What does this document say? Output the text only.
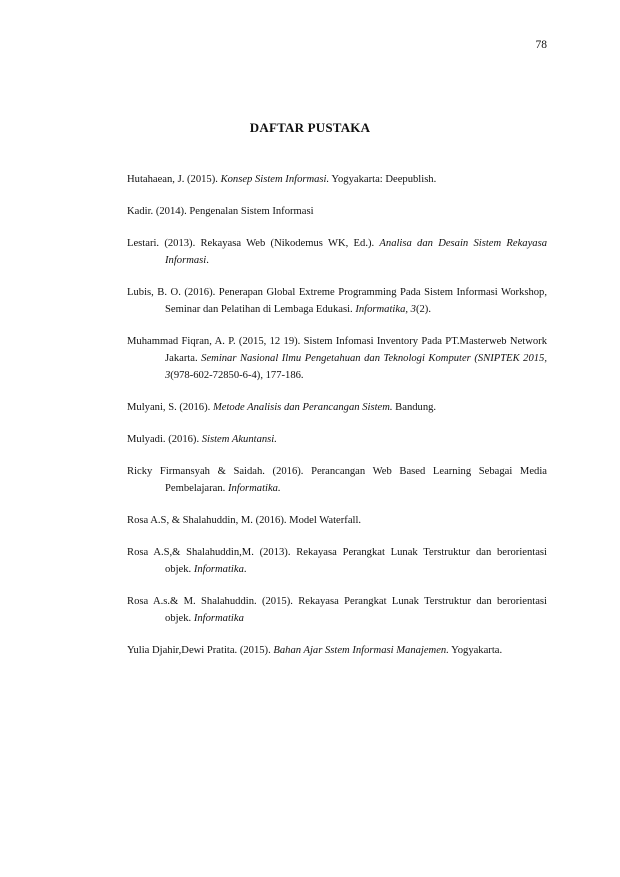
78
DAFTAR PUSTAKA

Hutahaean, J. (2015). Konsep Sistem Informasi. Yogyakarta: Deepublish.

Kadir. (2014). Pengenalan Sistem Informasi

Lestari. (2013). Rekayasa Web (Nikodemus WK, Ed.). Analisa dan Desain Sistem Rekayasa Informasi.

Lubis, B. O. (2016). Penerapan Global Extreme Programming Pada Sistem Informasi Workshop, Seminar dan Pelatihan di Lembaga Edukasi. Informatika, 3(2).

Muhammad Fiqran, A. P. (2015, 12 19). Sistem Infomasi Inventory Pada PT.Masterweb Network Jakarta. Seminar Nasional Ilmu Pengetahuan dan Teknologi Komputer (SNIPTEK 2015, 3(978-602-72850-6-4), 177-186.

Mulyani, S. (2016). Metode Analisis dan Perancangan Sistem. Bandung.

Mulyadi. (2016). Sistem Akuntansi.

Ricky Firmansyah & Saidah. (2016). Perancangan Web Based Learning Sebagai Media Pembelajaran. Informatika.

Rosa A.S, & Shalahuddin, M. (2016). Model Waterfall.

Rosa A.S,& Shalahuddin,M. (2013). Rekayasa Perangkat Lunak Terstruktur dan berorientasi objek. Informatika.

Rosa A.s.& M. Shalahuddin. (2015). Rekayasa Perangkat Lunak Terstruktur dan berorientasi objek. Informatika

Yulia Djahir,Dewi Pratita. (2015). Bahan Ajar Sstem Informasi Manajemen. Yogyakarta.
